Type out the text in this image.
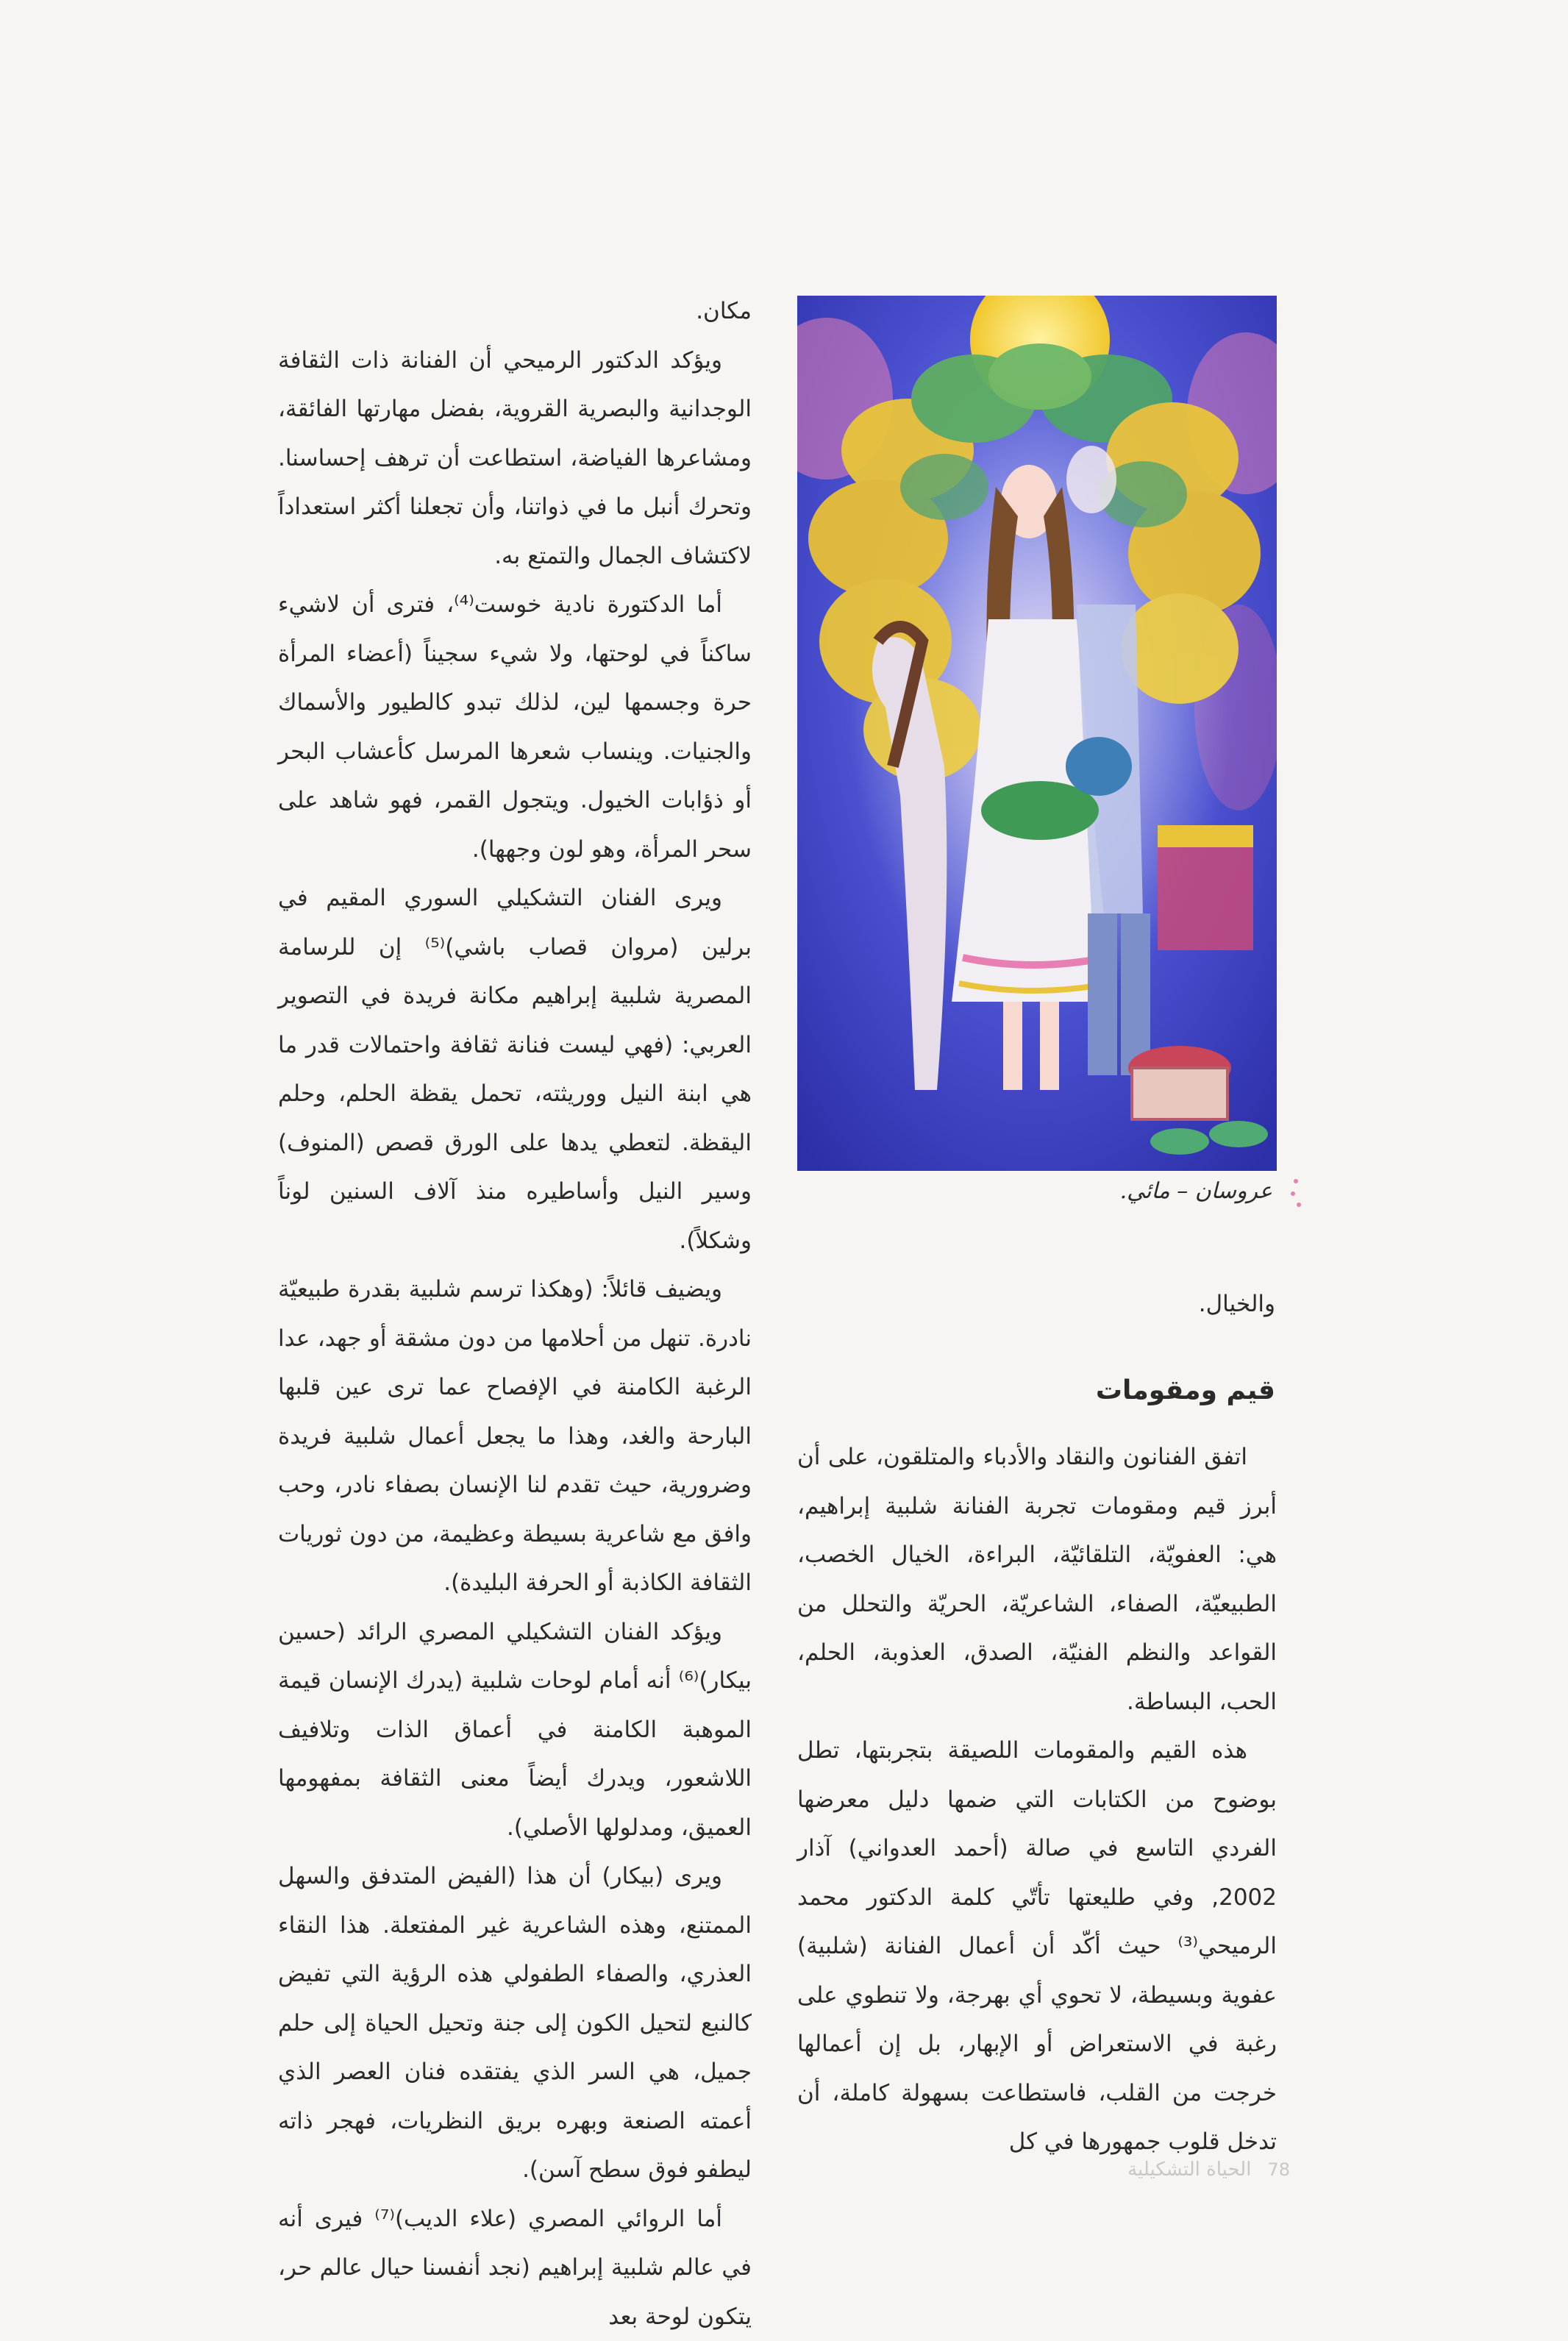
مكان.

ويؤكد الدكتور الرميحي أن الفنانة ذات الثقافة الوجدانية والبصرية القروية، بفضل مهارتها الفائقة، ومشاعرها الفياضة، استطاعت أن ترهف إحساسنا. وتحرك أنبل ما في ذواتنا، وأن تجعلنا أكثر استعداداً لاكتشاف الجمال والتمتع به.

أما الدكتورة نادية خوست⁽⁴⁾، فترى أن لاشيء ساكناً في لوحتها، ولا شيء سجيناً (أعضاء المرأة حرة وجسمها لين، لذلك تبدو كالطيور والأسماك والجنيات. وينساب شعرها المرسل كأعشاب البحر أو ذؤابات الخيول. ويتجول القمر، فهو شاهد على سحر المرأة، وهو لون وجهها).

ويرى الفنان التشكيلي السوري المقيم في برلين (مروان قصاب باشي)⁽⁵⁾ إن للرسامة المصرية شلبية إبراهيم مكانة فريدة في التصوير العربي: (فهي ليست فنانة ثقافة واحتمالات قدر ما هي ابنة النيل ووريثته، تحمل يقظة الحلم، وحلم اليقظة. لتعطي يدها على الورق قصص (المنوف) وسير النيل وأساطيره منذ آلاف السنين لوناً وشكلاً).

ويضيف قائلاً: (وهكذا ترسم شلبية بقدرة طبيعيّة نادرة. تنهل من أحلامها من دون مشقة أو جهد، عدا الرغبة الكامنة في الإفصاح عما ترى عين قلبها البارحة والغد، وهذا ما يجعل أعمال شلبية فريدة وضرورية، حيث تقدم لنا الإنسان بصفاء نادر، وحب وافق مع شاعرية بسيطة وعظيمة، من دون ثوريات الثقافة الكاذبة أو الحرفة البليدة).

ويؤكد الفنان التشكيلي المصري الرائد (حسين بيكار)⁽⁶⁾ أنه أمام لوحات شلبية (يدرك الإنسان قيمة الموهبة الكامنة في أعماق الذات وتلافيف اللاشعور، ويدرك أيضاً معنى الثقافة بمفهومها العميق، ومدلولها الأصلي).

ويرى (بيكار) أن هذا (الفيض المتدفق والسهل الممتنع، وهذه الشاعرية غير المفتعلة. هذا النقاء العذري، والصفاء الطفولي هذه الرؤية التي تفيض كالنبع لتحيل الكون إلى جنة وتحيل الحياة إلى حلم جميل، هي السر الذي يفتقده فنان العصر الذي أعمته الصنعة وبهره بريق النظريات، فهجر ذاته ليطفو فوق سطح آسن).

أما الروائي المصري (علاء الديب)⁽⁷⁾ فيرى أنه في عالم شلبية إبراهيم (نجد أنفسنا حيال عالم حر، يتكون لوحة بعد

عروسان – مائي.
والخيال.
قيم ومقومات

اتفق الفنانون والنقاد والأدباء والمتلقون، على أن أبرز قيم ومقومات تجربة الفنانة شلبية إبراهيم، هي: العفويّة، التلقائيّة، البراءة، الخيال الخصب، الطبيعيّة، الصفاء، الشاعريّة، الحريّة والتحلل من القواعد والنظم الفنيّة، الصدق، العذوبة، الحلم، الحب، البساطة.

هذه القيم والمقومات اللصيقة بتجربتها، تطل بوضوح من الكتابات التي ضمها دليل معرضها الفردي التاسع في صالة (أحمد العدواني) آذار 2002, وفي طليعتها تأتّي كلمة الدكتور محمد الرميحي⁽³⁾ حيث أكّد أن أعمال الفنانة (شلبية) عفوية وبسيطة، لا تحوي أي بهرجة، ولا تنطوي على رغبة في الاستعراض أو الإبهار، بل إن أعمالها خرجت من القلب، فاستطاعت بسهولة كاملة، أن تدخل قلوب جمهورها في كل

78
الحياة التشكيلية
